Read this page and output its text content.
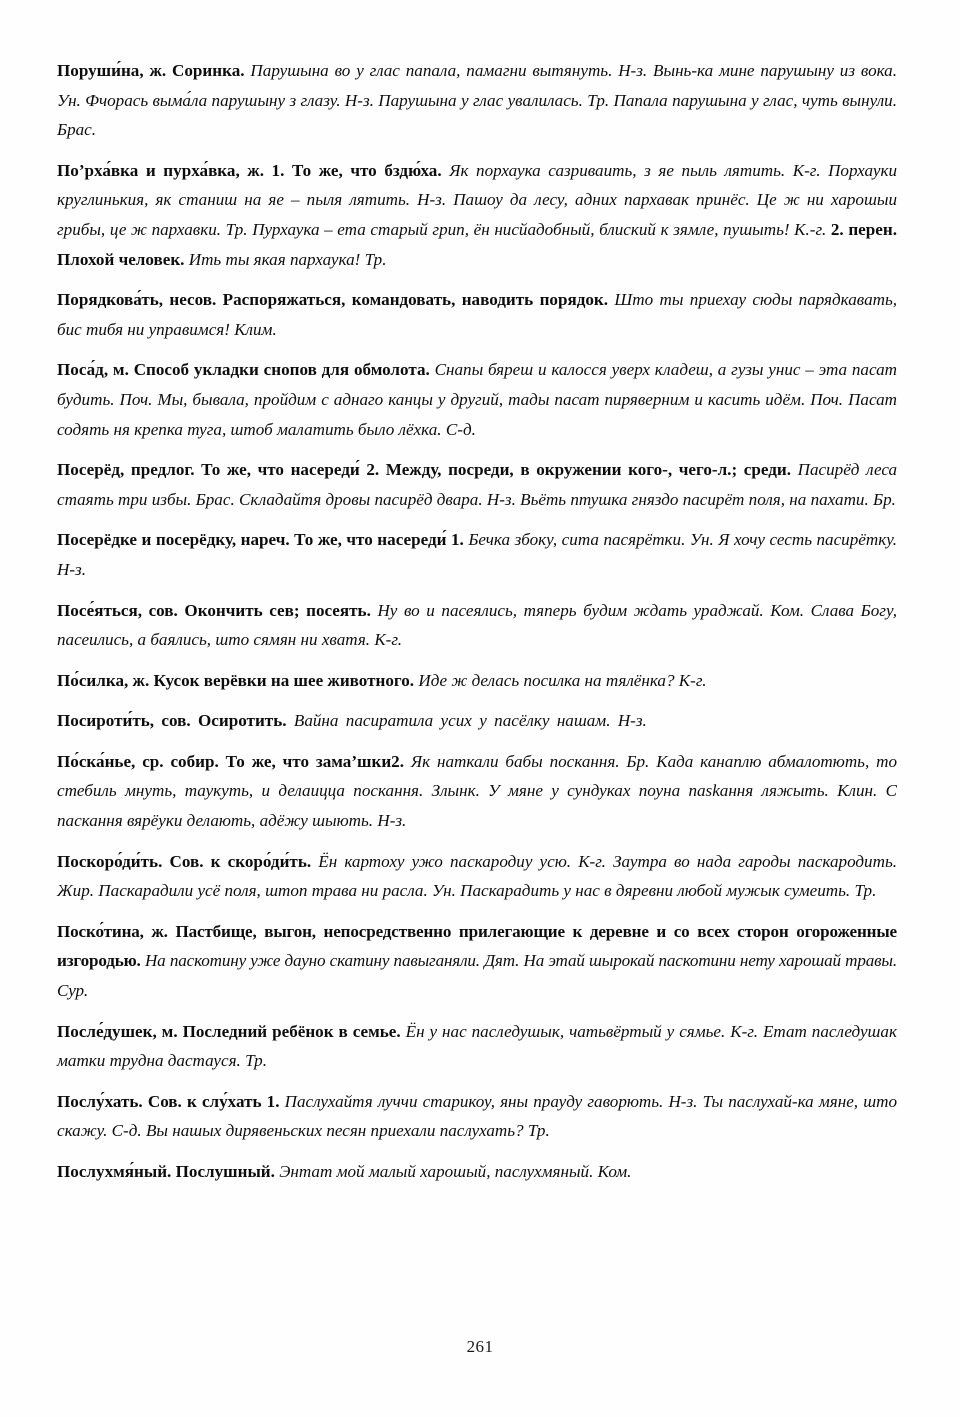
Поруши́на, ж. Соринка. Парушына во у глас папала, памагни вытянуть. Н-з. Вынь-ка мине парушыну из вока. Ун. Фчорась выма́ла парушыну з глазу. Н-з. Парушына у глас увалилась. Тр. Папала парушына у глас, чуть вынули. Брас.

По’рха́вка и пурха́вка, ж. 1. То же, что бздю́ха. Як порхаука сазриваить, з яе пыль лятить. К-г. Порхауки круглинькия, як станиш на яе – пыля лятить. Н-з. Пашоу да лесу, адних пархавак принёс. Це ж ни харошыи грибы, це ж пархавки. Тр. Пурхаука – ета старый грип, ён нисйадобный, блиский к зямле, пушыть! К.-г. 2. перен. Плохой человек. Ить ты якая пархаука! Тр.

Порядкова́ть, несов. Распоряжаться, командовать, наводить порядок. Што ты приехау сюды парядкавать, бис тибя ни управимся! Клим.

Поса́д, м. Способ укладки снопов для обмолота. Снапы бяреш и калосся уверх кладеш, а гузы унис – эта пасат будить. Поч. Мы, бывала, пройдим с аднаго канцы у другий, тады пасат пиряверним и касить идём. Поч. Пасат содять ня крепка туга, штоб малатить было лёхка. С-д.

Посерёд, предлог. То же, что насереди́ 2. Между, посреди, в окружении кого-, чего-л.; среди. Пасирёд леса стаять три избы. Брас. Складайтя дровы пасирёд двара. Н-з. Вьёть птушка гняздо пасирёт поля, на пахати. Бр.

Посерёдке и посерёдку, нареч. То же, что насереди́ 1. Бечка збоку, сита пасярётки. Ун. Я хочу сесть пасирётку. Н-з.

Посе́яться, сов. Окончить сев; посеять. Ну во и пасеялись, тяперь будим ждать ураджай. Ком. Слава Богу, пасеились, а баялись, што сямян ни хватя. К-г.

По́силка, ж. Кусок верёвки на шее животного. Иде ж делась посилка на тялёнка? К-г.

Посироти́ть, сов. Осиротить. Вайна пасиратила усих у пасёлку нашам. Н-з.

По́ска́нье, ср. собир. То же, что зама’шки2. Як наткали бабы поскання. Бр. Када канаплю абмалотють, то стебиль мнуть, таукуть, и делаицца поскання. Злынк. У мяне у сундуках поуна пaskання ляжыть. Клин. С паскання вярёуки делають, адёжу шыють. Н-з.

Поскоро́ди́ть. Сов. к скоро́ди́ть. Ён картоху ужо паскародиу усю. К-г. Заутра во нада гароды паскародить. Жир. Паскарадили усё поля, штоп трава ни расла. Ун. Паскарадить у нас в дяревни любой мужык сумеить. Тр.

Поско́тина, ж. Пастбище, выгон, непосредственно прилегающие к деревне и со всех сторон огороженные изгородью. На паскотину уже дауно скатину павыганяли. Дят. На этай шырокай паскотини нету харошай травы. Сур.

После́душек, м. Последний ребёнок в семье. Ён у нас паследушык, чатьвёртый у сямье. К-г. Етат паследушак матки трудна дастауся. Тр.

Послу́хать. Сов. к слу́хать 1. Паслухайтя луччи старикоу, яны прауду гаворють. Н-з. Ты паслухай-ка мяне, што скажу. С-д. Вы нашых дирявеньских песян приехали паслухать? Тр.

Послухмя́ный. Послушный. Энтат мой малый харошый, паслухмяный. Ком.

261
